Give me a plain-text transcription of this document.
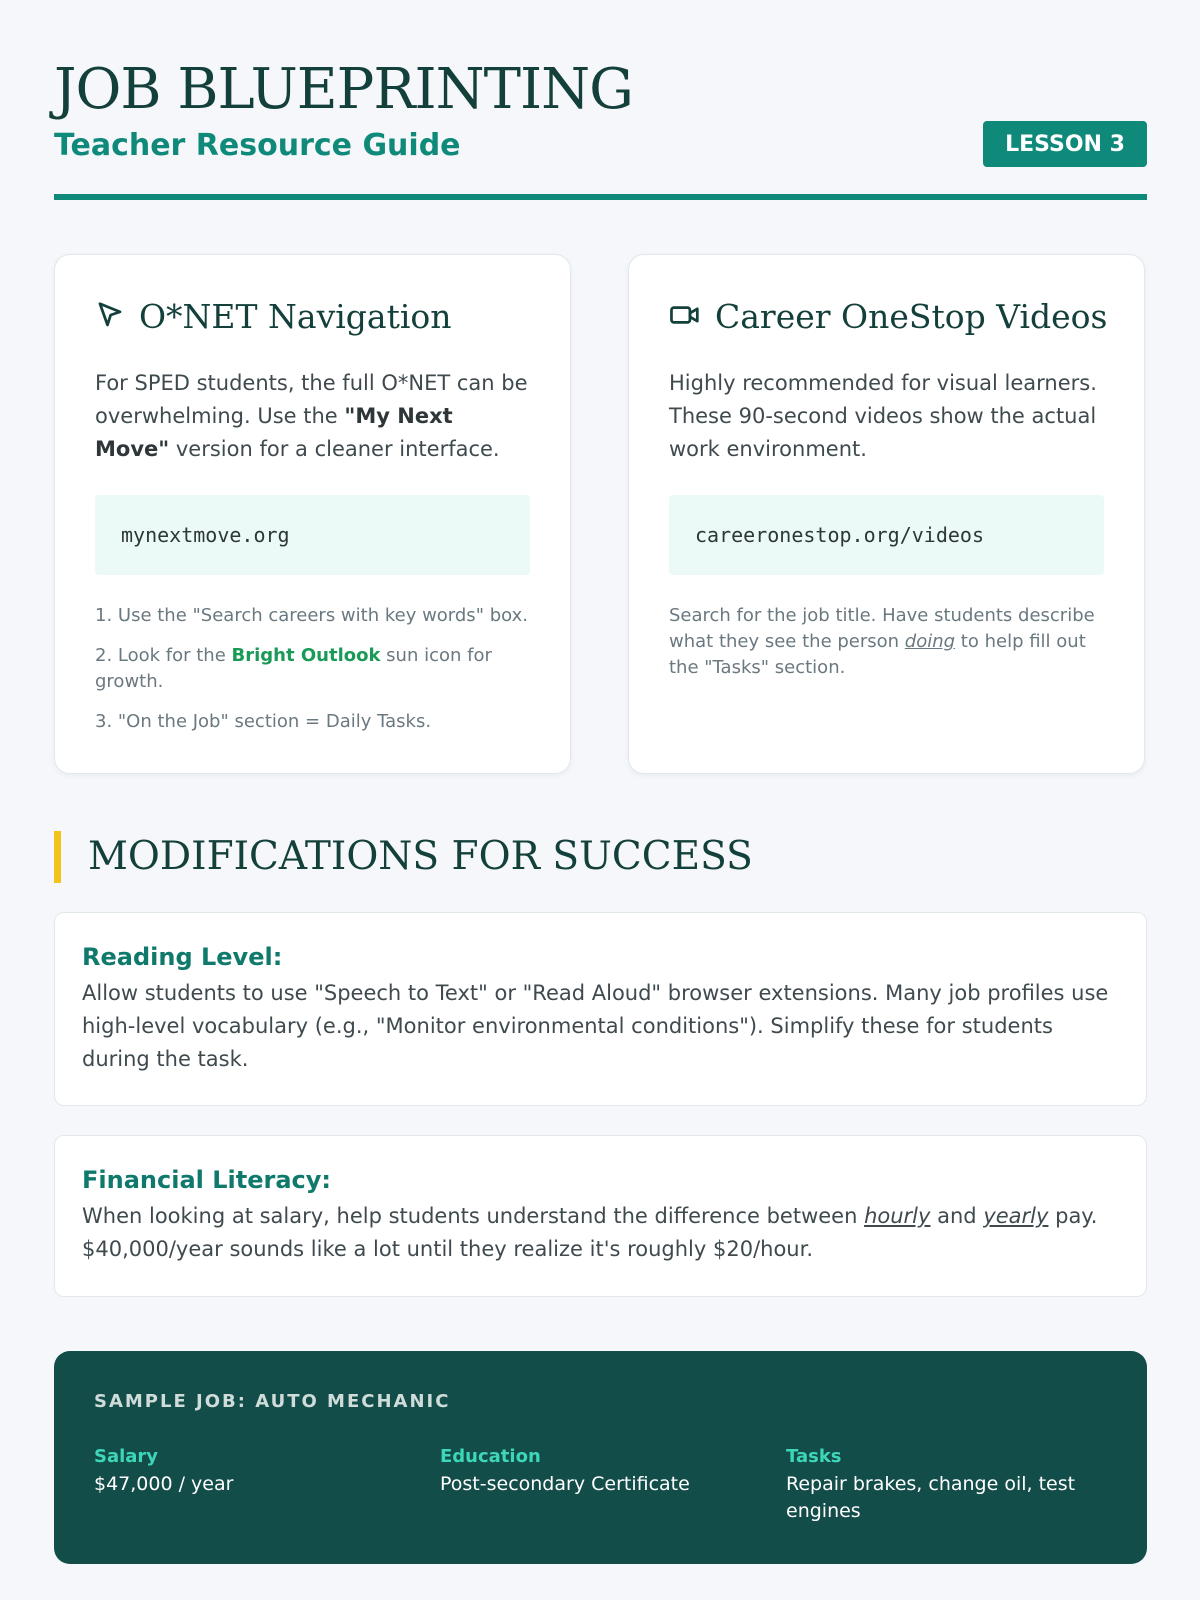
JOB BLUEPRINTING
Teacher Resource Guide	LESSON 3
O*NET Navigation
For SPED students, the full O*NET can be overwhelming. Use the "My Next Move" version for a cleaner interface.
mynextmove.org

1. Use the "Search careers with key words" box.

2. Look for the Bright Outlook sun icon for growth.

3. "On the Job" section = Daily Tasks.

Career OneStop Videos
Highly recommended for visual learners. These 90-second videos show the actual work environment.
careeronestop.org/videos

Search for the job title. Have students describe what they see the person doing to help fill out the "Tasks" section.

MODIFICATIONS FOR SUCCESS
Reading Level:
Allow students to use "Speech to Text" or "Read Aloud" browser extensions. Many job profiles use high-level vocabulary (e.g., "Monitor environmental conditions"). Simplify these for students during the task.
Financial Literacy:
When looking at salary, help students understand the difference between hourly and yearly pay. $40,000/year sounds like a lot until they realize it's roughly $20/hour.
SAMPLE JOB: AUTO MECHANIC
Salary
$47,000 / year
Education
Post-secondary Certificate
Tasks
Repair brakes, change oil, test engines
